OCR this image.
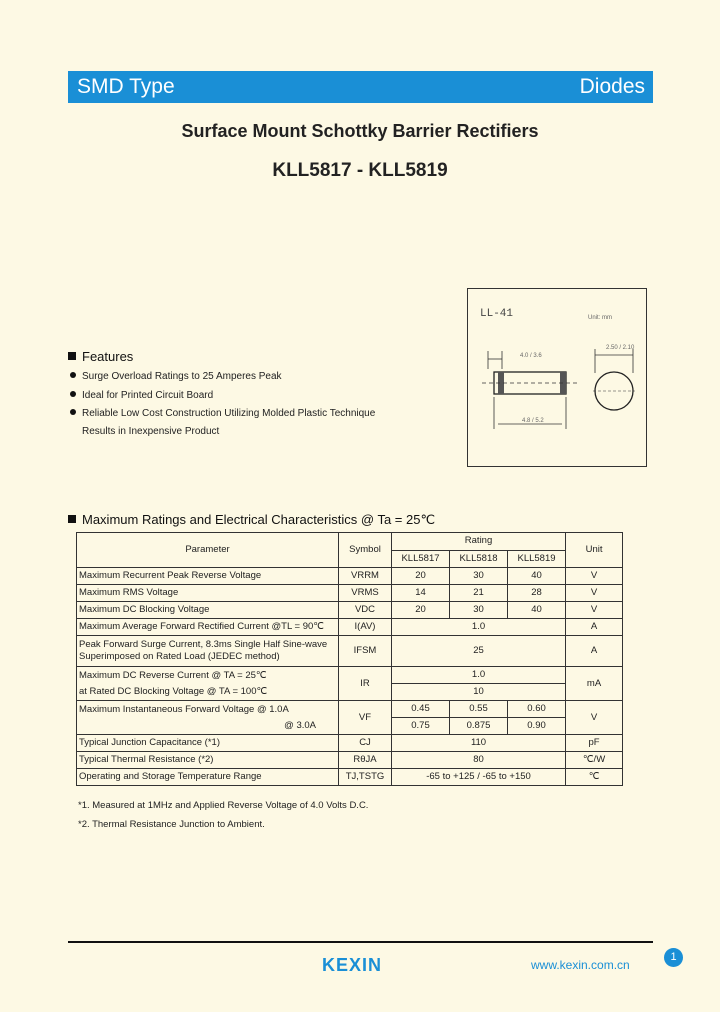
SMD Type	Diodes
Surface Mount Schottky Barrier Rectifiers
KLL5817 - KLL5819
LL-41	Unit: mm
4.0 / 3.6
4.8 / 5.2
2.50 / 2.10
Features
Surge Overload Ratings to 25 Amperes Peak
Ideal for Printed Circuit Board
Reliable Low Cost Construction Utilizing Molded Plastic Technique
Results in Inexpensive Product
Maximum Ratings and Electrical Characteristics @ Ta = 25℃
Parameter	Symbol	Rating			Unit
		KLL5817	KLL5818	KLL5819	
Maximum Recurrent Peak Reverse Voltage	VRRM	20	30	40	V
Maximum RMS Voltage	VRMS	14	21	28	V
Maximum DC Blocking Voltage	VDC	20	30	40	V
Maximum Average Forward Rectified Current @TL = 90℃	I(AV)	1.0			A

Peak Forward Surge Current, 8.3ms Single Half Sine-wave
Superimposed on Rated Load (JEDEC method)	IFSM	25			A

Maximum DC Reverse Current @ TA = 25℃
at Rated DC Blocking Voltage @ TA = 100℃	IR	1.0			mA
		10			

Maximum Instantaneous Forward Voltage @ 1.0A
@ 3.0A	VF	0.45	0.55	0.60	V
		0.75	0.875	0.90	
Typical Junction Capacitance (*1)	CJ	110			pF
Typical Thermal Resistance (*2)	RθJA	80			℃/W
Operating and Storage Temperature Range	TJ,TSTG	-65 to +125 / -65 to +150			℃
*1. Measured at 1MHz and Applied Reverse Voltage of 4.0 Volts D.C.
*2. Thermal Resistance Junction to Ambient.
KEXIN	www.kexin.com.cn
1
